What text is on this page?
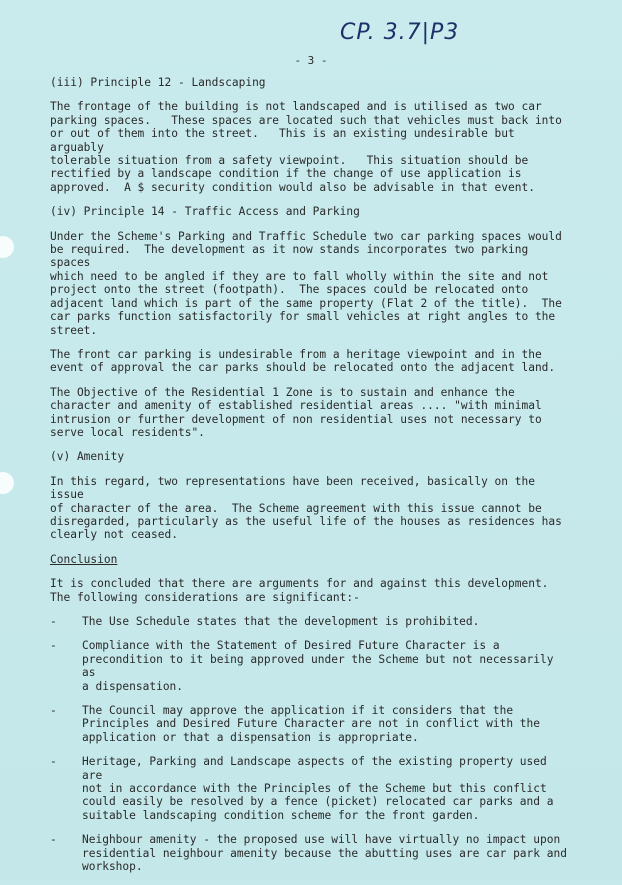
CP. 3.7|P3
- 3 -
(iii) Principle 12 - Landscaping

The frontage of the building is not landscaped and is utilised as two car
parking spaces.   These spaces are located such that vehicles must back into
or out of them into the street.   This is an existing undesirable but arguably
tolerable situation from a safety viewpoint.   This situation should be
rectified by a landscape condition if the change of use application is
approved.  A $ security condition would also be advisable in that event.

(iv) Principle 14 - Traffic Access and Parking

Under the Scheme's Parking and Traffic Schedule two car parking spaces would
be required.  The development as it now stands incorporates two parking spaces
which need to be angled if they are to fall wholly within the site and not
project onto the street (footpath).  The spaces could be relocated onto
adjacent land which is part of the same property (Flat 2 of the title).  The
car parks function satisfactorily for small vehicles at right angles to the
street.

The front car parking is undesirable from a heritage viewpoint and in the
event of approval the car parks should be relocated onto the adjacent land.

The Objective of the Residential 1 Zone is to sustain and enhance the
character and amenity of established residential areas .... "with minimal
intrusion or further development of non residential uses not necessary to
serve local residents".

(v) Amenity

In this regard, two representations have been received, basically on the issue
of character of the area.  The Scheme agreement with this issue cannot be
disregarded, particularly as the useful life of the houses as residences has
clearly not ceased.

Conclusion

It is concluded that there are arguments for and against this development.
The following considerations are significant:-

- The Use Schedule states that the development is prohibited.
- Compliance with the Statement of Desired Future Character is a
precondition to it being approved under the Scheme but not necessarily as
a dispensation.
- The Council may approve the application if it considers that the
Principles and Desired Future Character are not in conflict with the
application or that a dispensation is appropriate.
- Heritage, Parking and Landscape aspects of the existing property used are
not in accordance with the Principles of the Scheme but this conflict
could easily be resolved by a fence (picket) relocated car parks and a
suitable landscaping condition scheme for the front garden.
- Neighbour amenity - the proposed use will have virtually no impact upon
residential neighbour amenity because the abutting uses are car park and
workshop.
